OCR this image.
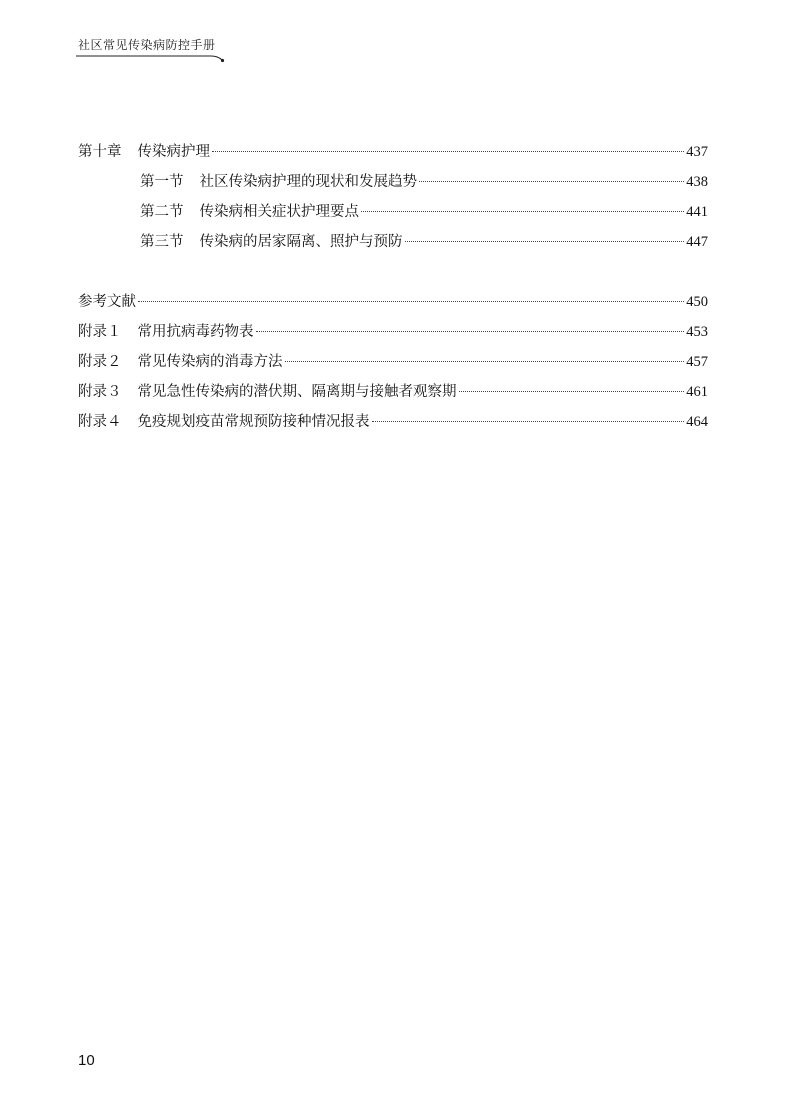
社区常见传染病防控手册
第十章 传染病护理	437
第一节 社区传染病护理的现状和发展趋势	438
第二节 传染病相关症状护理要点	441
第三节 传染病的居家隔离、照护与预防	447
参考文献	450
附录１ 常用抗病毒药物表	453
附录２ 常见传染病的消毒方法	457
附录３ 常见急性传染病的潜伏期、隔离期与接触者观察期	461
附录４ 免疫规划疫苗常规预防接种情况报表	464
10
